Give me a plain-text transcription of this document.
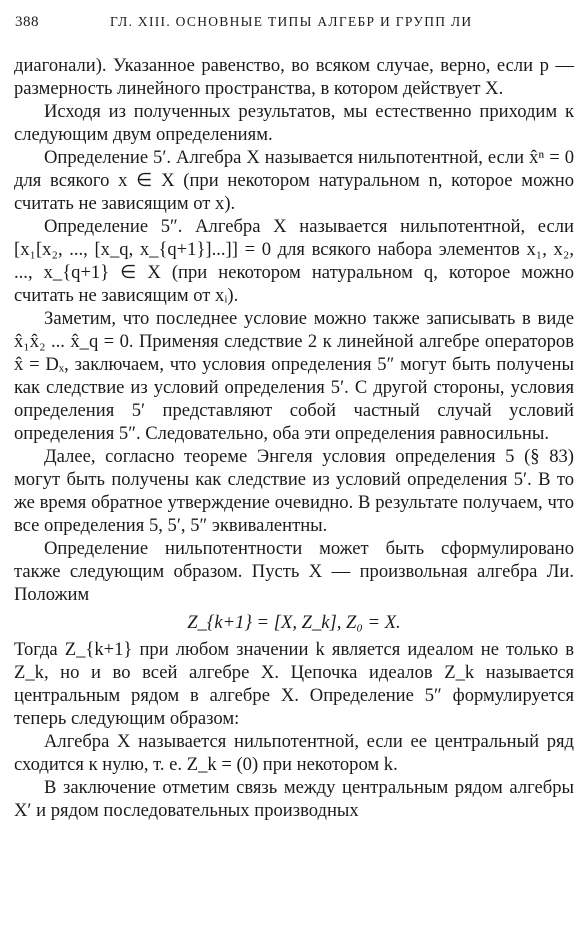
388	ГЛ. XIII. ОСНОВНЫЕ ТИПЫ АЛГЕБР И ГРУПП ЛИ

диагонали). Указанное равенство, во всяком случае, верно, если p — размерность линейного пространства, в котором действует X.

Исходя из полученных результатов, мы естественно приходим к следующим двум определениям.

Определение 5′. Алгебра X называется нильпотентной, если x̂ⁿ = 0 для всякого x ∈ X (при некотором натуральном n, которое можно считать не зависящим от x).

Определение 5″. Алгебра X называется нильпотентной, если [x₁[x₂, ..., [x_q, x_{q+1}]...]] = 0 для всякого набора элементов x₁, x₂, ..., x_{q+1} ∈ X (при некотором натуральном q, которое можно считать не зависящим от xᵢ).

Заметим, что последнее условие можно также записывать в виде x̂₁x̂₂ ... x̂_q = 0. Применяя следствие 2 к линейной алгебре операторов x̂ = Dₓ, заключаем, что условия определения 5″ могут быть получены как следствие из условий определения 5′. С другой стороны, условия определения 5′ представляют собой частный случай условий определения 5″. Следовательно, оба эти определения равносильны.

Далее, согласно теореме Энгеля условия определения 5 (§ 83) могут быть получены как следствие из условий определения 5′. В то же время обратное утверждение очевидно. В результате получаем, что все определения 5, 5′, 5″ эквивалентны.

Определение нильпотентности может быть сформулировано также следующим образом. Пусть X — произвольная алгебра Ли. Положим

Z_{k+1} = [X, Z_k], Z₀ = X.

Тогда Z_{k+1} при любом значении k является идеалом не только в Z_k, но и во всей алгебре X. Цепочка идеалов Z_k называется центральным рядом в алгебре X. Определение 5″ формулируется теперь следующим образом:

Алгебра X называется нильпотентной, если ее центральный ряд сходится к нулю, т. е. Z_k = (0) при некотором k.

В заключение отметим связь между центральным рядом алгебры X′ и рядом последовательных производных
